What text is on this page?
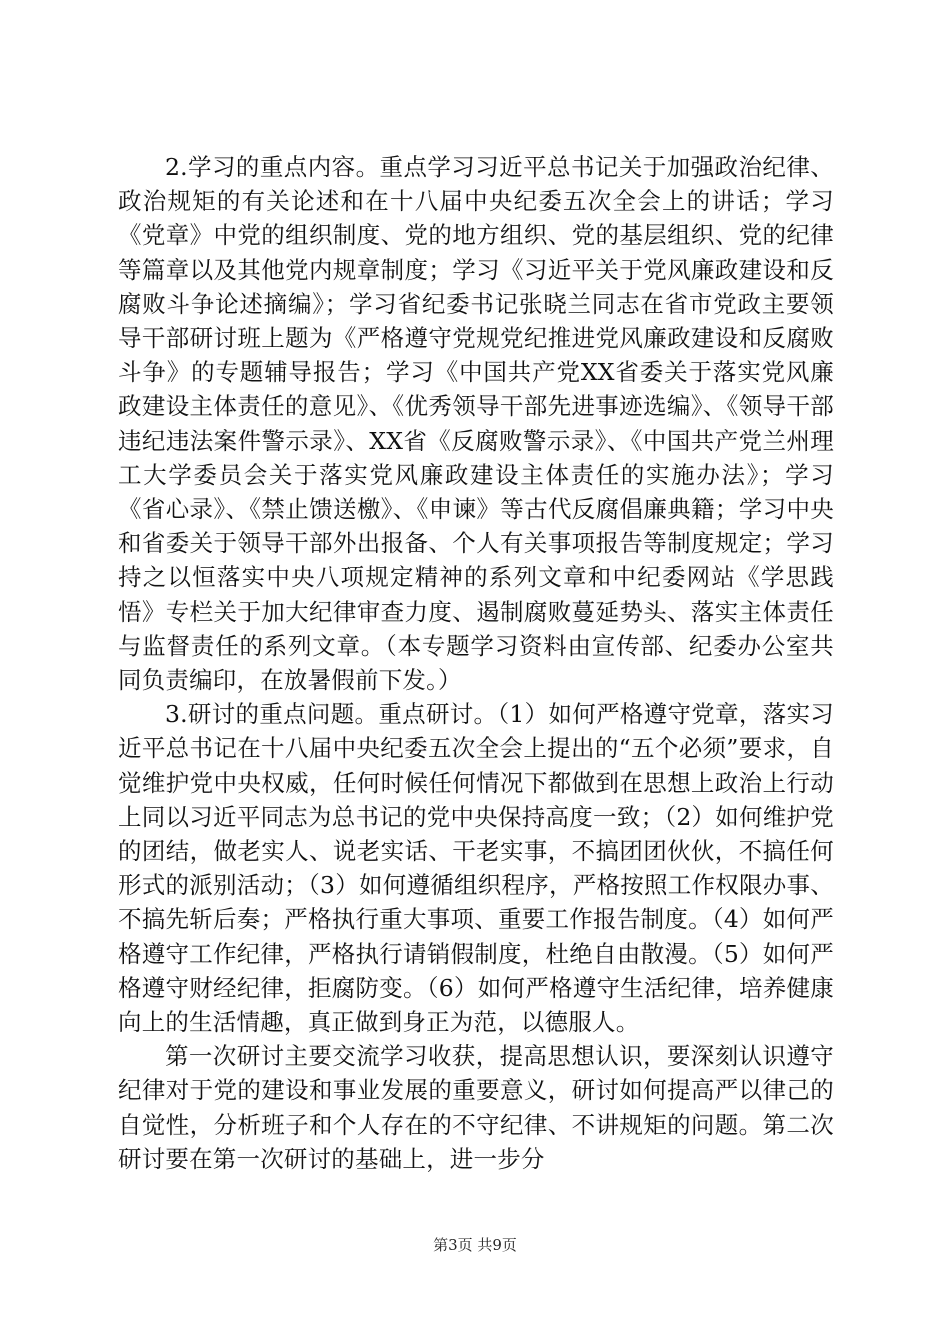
2.学习的重点内容。重点学习习近平总书记关于加强政治纪律、政治规矩的有关论述和在十八届中央纪委五次全会上的讲话；学习《党章》中党的组织制度、党的地方组织、党的基层组织、党的纪律等篇章以及其他党内规章制度；学习《习近平关于党风廉政建设和反腐败斗争论述摘编》；学习省纪委书记张晓兰同志在省市党政主要领导干部研讨班上题为《严格遵守党规党纪推进党风廉政建设和反腐败斗争》的专题辅导报告；学习《中国共产党XX省委关于落实党风廉政建设主体责任的意见》、《优秀领导干部先进事迹选编》、《领导干部违纪违法案件警示录》、XX省《反腐败警示录》、《中国共产党兰州理工大学委员会关于落实党风廉政建设主体责任的实施办法》；学习《省心录》、《禁止馈送檄》、《申谏》等古代反腐倡廉典籍；学习中央和省委关于领导干部外出报备、个人有关事项报告等制度规定；学习持之以恒落实中央八项规定精神的系列文章和中纪委网站《学思践悟》专栏关于加大纪律审查力度、遏制腐败蔓延势头、落实主体责任与监督责任的系列文章。（本专题学习资料由宣传部、纪委办公室共同负责编印，在放暑假前下发。）

3.研讨的重点问题。重点研讨。（1）如何严格遵守党章，落实习近平总书记在十八届中央纪委五次全会上提出的“五个必须”要求，自觉维护党中央权威，任何时候任何情况下都做到在思想上政治上行动上同以习近平同志为总书记的党中央保持高度一致；（2）如何维护党的团结，做老实人、说老实话、干老实事，不搞团团伙伙，不搞任何形式的派别活动；（3）如何遵循组织程序，严格按照工作权限办事、不搞先斩后奏；严格执行重大事项、重要工作报告制度。（4）如何严格遵守工作纪律，严格执行请销假制度，杜绝自由散漫。（5）如何严格遵守财经纪律，拒腐防变。（6）如何严格遵守生活纪律，培养健康向上的生活情趣，真正做到身正为范，以德服人。

第一次研讨主要交流学习收获，提高思想认识，要深刻认识遵守纪律对于党的建设和事业发展的重要意义，研讨如何提高严以律己的自觉性，分析班子和个人存在的不守纪律、不讲规矩的问题。第二次研讨要在第一次研讨的基础上，进一步分

第3页 共9页
